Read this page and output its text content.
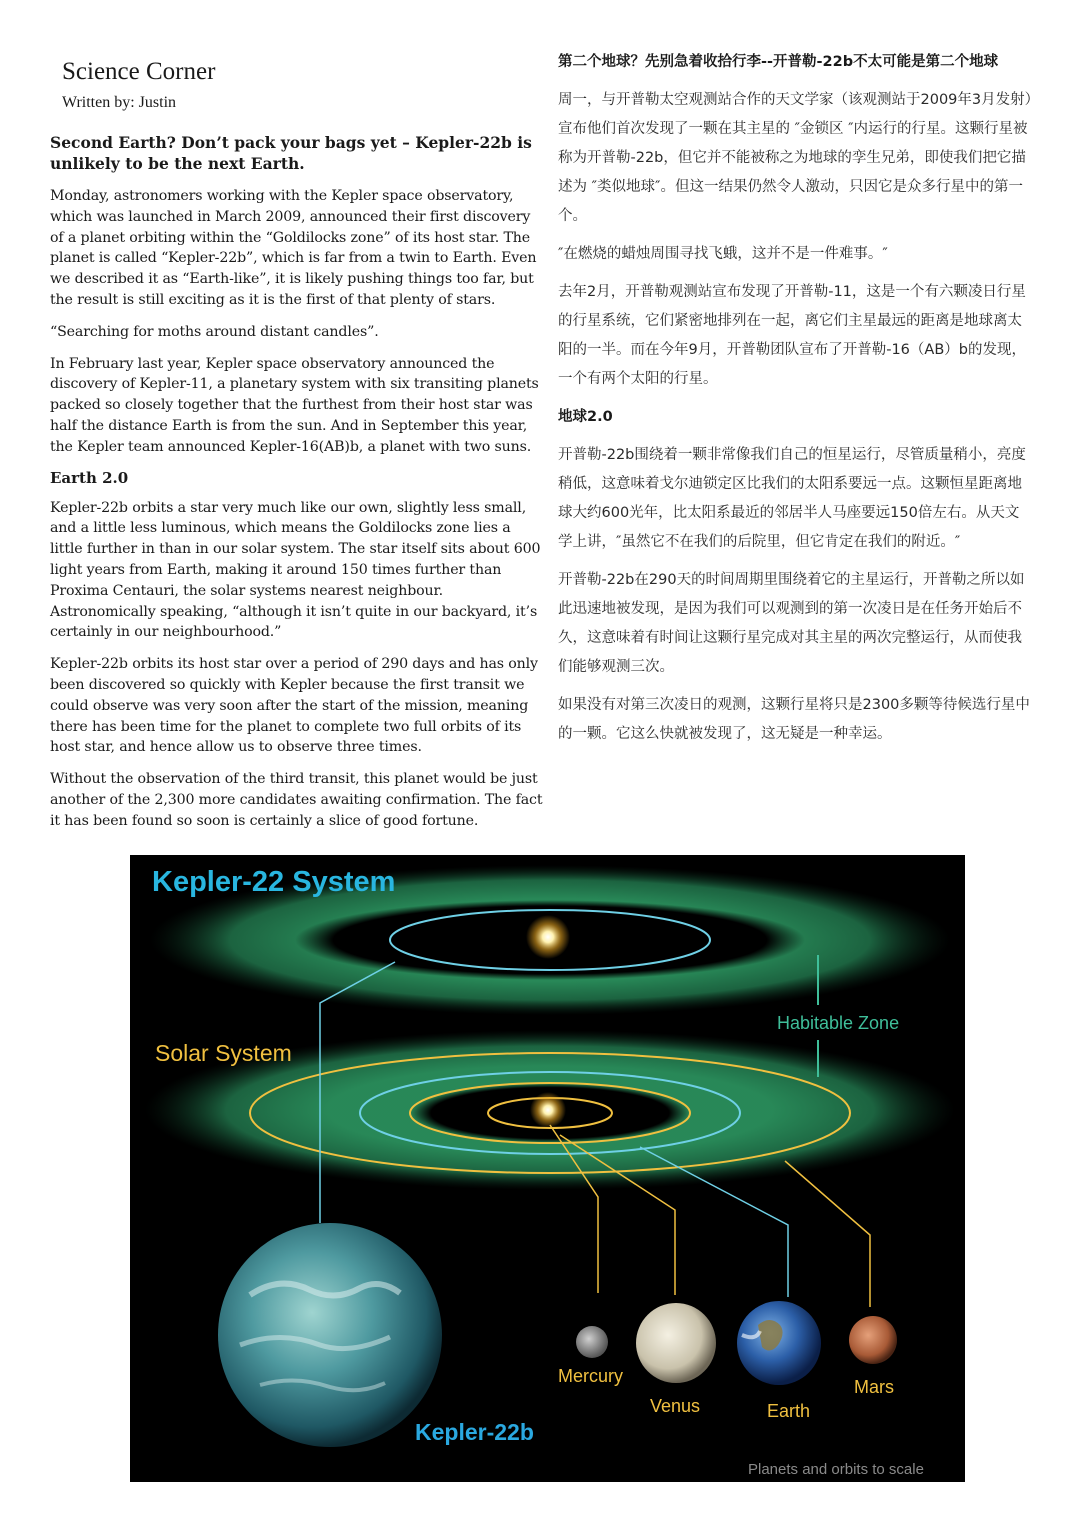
Science Corner
Written by: Justin
Second Earth? Don’t pack your bags yet – Kepler-22b is unlikely to be the next Earth.

Monday, astronomers working with the Kepler space observatory, which was launched in March 2009, announced their first discovery of a planet orbiting within the “Goldilocks zone” of its host star. The planet is called “Kepler-22b”, which is far from a twin to Earth. Even we described it as “Earth-like”, it is likely pushing things too far, but the result is still exciting as it is the first of that plenty of stars.

“Searching for moths around distant candles”.

In February last year, Kepler space observatory announced the discovery of Kepler-11, a planetary system with six transiting planets packed so closely together that the furthest from their host star was half the distance Earth is from the sun. And in September this year, the Kepler team announced Kepler-16(AB)b, a planet with two suns.

Earth 2.0

Kepler-22b orbits a star very much like our own, slightly less small, and a little less luminous, which means the Goldilocks zone lies a little further in than in our solar system. The star itself sits about 600 light years from Earth, making it around 150 times further than Proxima Centauri, the solar systems nearest neighbour. Astronomically speaking, “although it isn’t quite in our backyard, it’s certainly in our neighbourhood.”

Kepler-22b orbits its host star over a period of 290 days and has only been discovered so quickly with Kepler because the first transit we could observe was very soon after the start of the mission, meaning there has been time for the planet to complete two full orbits of its host star, and hence allow us to observe three times.

Without the observation of the third transit, this planet would be just another of the 2,300 more candidates awaiting confirmation. The fact it has been found so soon is certainly a slice of good fortune.

第二个地球？先别急着收拾行李--开普勒-22b不太可能是第二个地球

周一，与开普勒太空观测站合作的天文学家（该观测站于2009年3月发射）宣布他们首次发现了一颗在其主星的 ″金锁区 ″内运行的行星。这颗行星被称为开普勒-22b，但它并不能被称之为地球的孪生兄弟，即使我们把它描述为 ″类似地球″。但这一结果仍然令人激动，只因它是众多行星中的第一个。

″在燃烧的蜡烛周围寻找飞蛾，这并不是一件难事。″

去年2月，开普勒观测站宣布发现了开普勒-11，这是一个有六颗凌日行星的行星系统，它们紧密地排列在一起，离它们主星最远的距离是地球离太阳的一半。而在今年9月，开普勒团队宣布了开普勒-16（AB）b的发现，一个有两个太阳的行星。

地球2.0

开普勒-22b围绕着一颗非常像我们自己的恒星运行，尽管质量稍小，亮度稍低，这意味着戈尔迪锁定区比我们的太阳系要远一点。这颗恒星距离地球大约600光年，比太阳系最近的邻居半人马座要远150倍左右。从天文学上讲，″虽然它不在我们的后院里，但它肯定在我们的附近。″

开普勒-22b在290天的时间周期里围绕着它的主星运行，开普勒之所以如此迅速地被发现，是因为我们可以观测到的第一次凌日是在任务开始后不久，这意味着有时间让这颗行星完成对其主星的两次完整运行，从而使我们能够观测三次。

如果没有对第三次凌日的观测，这颗行星将只是2300多颗等待候选行星中的一颗。它这么快就被发现了，这无疑是一种幸运。

Kepler-22 System
Solar System
Habitable Zone
Kepler-22b
Mercury
Venus	Earth
Mars
Planets and orbits to scale
